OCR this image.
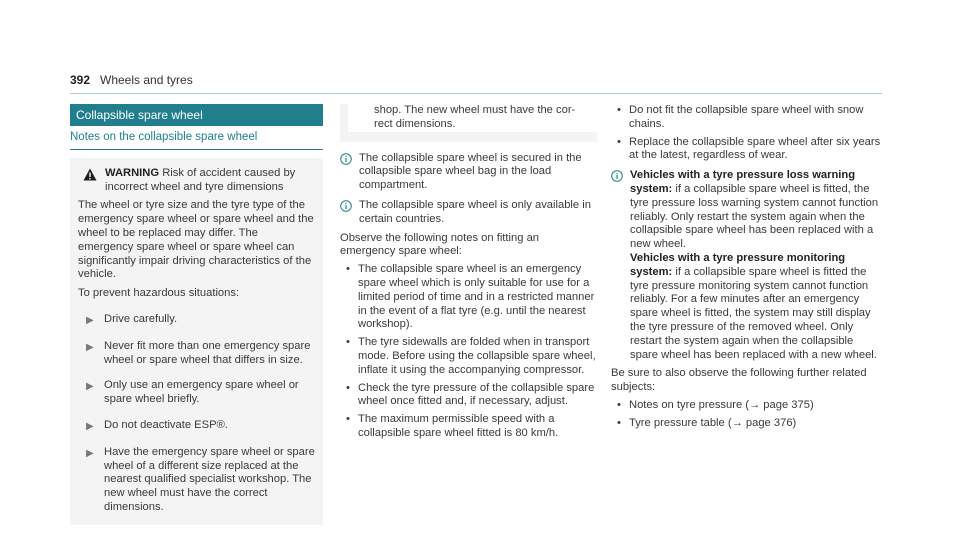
392 Wheels and tyres
Collapsible spare wheel
Notes on the collapsible spare wheel
WARNING Risk of accident caused by incorrect wheel and tyre dimensions
The wheel or tyre size and the tyre type of the emergency spare wheel or spare wheel and the wheel to be replaced may differ. The emergency spare wheel or spare wheel can significantly impair driving characteristics of the vehicle.
To prevent hazardous situations:
▶ Drive carefully.
▶ Never fit more than one emergency spare wheel or spare wheel that differs in size.
▶ Only use an emergency spare wheel or spare wheel briefly.
▶ Do not deactivate ESP®.
▶ Have the emergency spare wheel or spare wheel of a different size replaced at the nearest qualified specialist workshop. The new wheel must have the correct dimensions.
shop. The new wheel must have the cor- rect dimensions.
The collapsible spare wheel is secured in the collapsible spare wheel bag in the load compartment.
The collapsible spare wheel is only available in certain countries.
Observe the following notes on fitting an emergency spare wheel:
• The collapsible spare wheel is an emergency spare wheel which is only suitable for use for a limited period of time and in a restricted manner in the event of a flat tyre (e.g. until the nearest workshop).
• The tyre sidewalls are folded when in transport mode. Before using the collapsible spare wheel, inflate it using the accompanying compressor.
• Check the tyre pressure of the collapsible spare wheel once fitted and, if necessary, adjust.
• The maximum permissible speed with a collapsible spare wheel fitted is 80 km/h.
• Do not fit the collapsible spare wheel with snow chains.
• Replace the collapsible spare wheel after six years at the latest, regardless of wear.
Vehicles with a tyre pressure loss warning system: if a collapsible spare wheel is fitted, the tyre pressure loss warning system cannot function reliably. Only restart the system again when the collapsible spare wheel has been replaced with a new wheel.
Vehicles with a tyre pressure monitoring system: if a collapsible spare wheel is fitted the tyre pressure monitoring system cannot function reliably. For a few minutes after an emergency spare wheel is fitted, the system may still display the tyre pressure of the removed wheel. Only restart the system again when the collapsible spare wheel has been replaced with a new wheel.
Be sure to also observe the following further related subjects:
• Notes on tyre pressure (→ page 375)
• Tyre pressure table (→ page 376)
